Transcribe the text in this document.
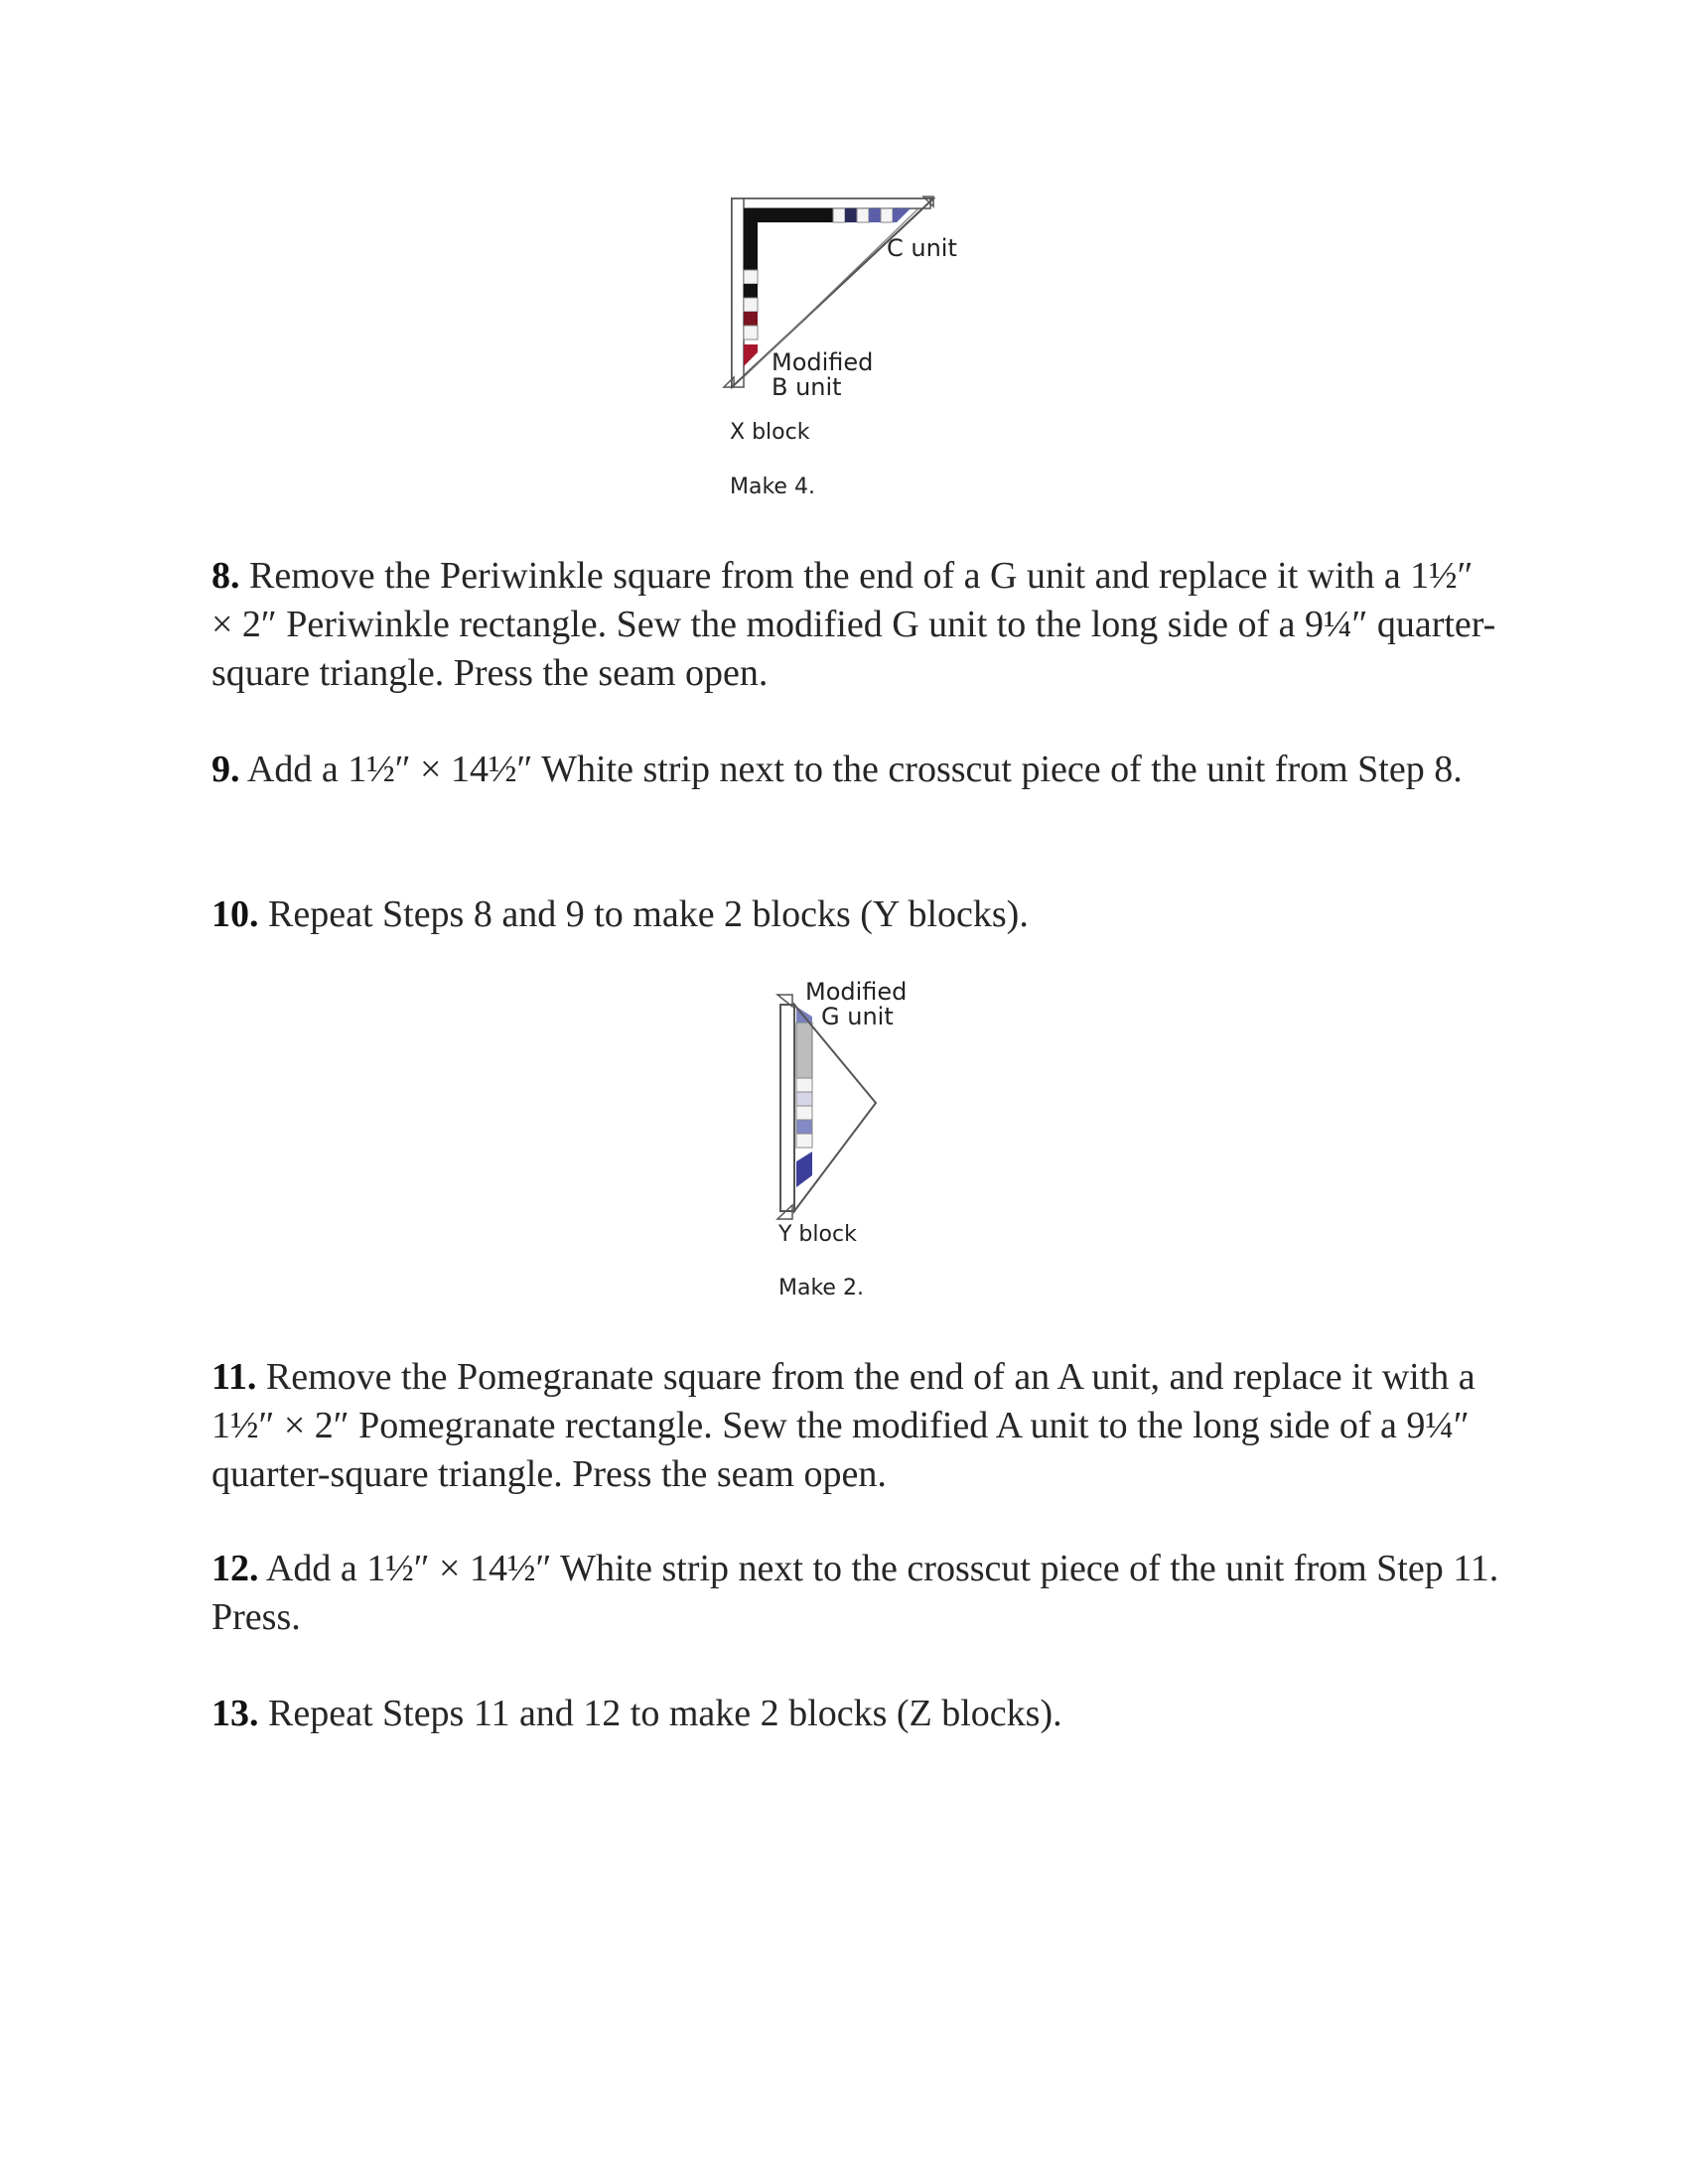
C unit
Modified
B unit
X block
Make 4.
8. Remove the Periwinkle square from the end of a G unit and replace it with a 1½″ × 2″ Periwinkle rectangle. Sew the modified G unit to the long side of a 9¼″ quarter-square triangle. Press the seam open.
9. Add a 1½″ × 14½″ White strip next to the crosscut piece of the unit from Step 8.
10. Repeat Steps 8 and 9 to make 2 blocks (Y blocks).
Modified
G unit
Y block
Make 2.
11. Remove the Pomegranate square from the end of an A unit, and replace it with a 1½″ × 2″ Pomegranate rectangle. Sew the modified A unit to the long side of a 9¼″ quarter-square triangle. Press the seam open.
12. Add a 1½″ × 14½″ White strip next to the crosscut piece of the unit from Step 11. Press.
13. Repeat Steps 11 and 12 to make 2 blocks (Z blocks).
